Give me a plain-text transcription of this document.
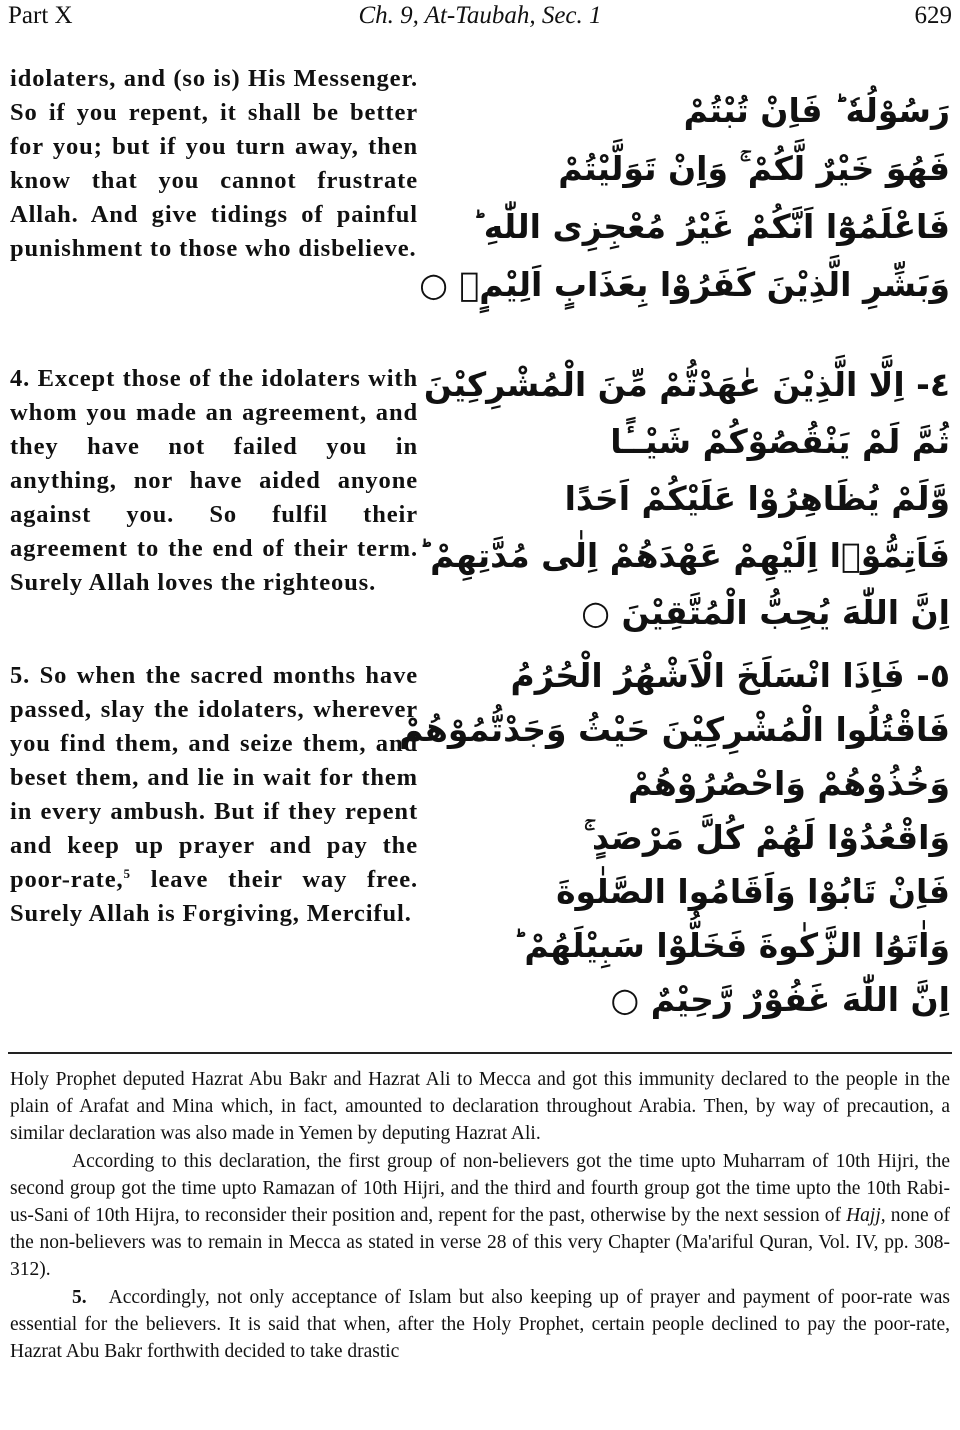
Part X	Ch. 9, At-Taubah, Sec. 1	629
idolaters, and (so is) His Messenger. So if you repent, it shall be better for you; but if you turn away, then know that you cannot frustrate Allah. And give tidings of painful punishment to those who disbelieve.
رَسُوْلُهٗ ؕ فَاِنْ تُبْتُمْ
فَهُوَ خَيْرٌ لَّكُمْ ۚ وَاِنْ تَوَلَّيْتُمْ
فَاعْلَمُوْٓا اَنَّكُمْ غَيْرُ مُعْجِزِى اللّٰهِ ؕ
وَبَشِّرِ الَّذِيْنَ كَفَرُوْا بِعَذَابٍ اَلِيْمٍۙ ○
4. Except those of the idolaters with whom you made an agreement, and they have not failed you in anything, nor have aided anyone against you. So fulfil their agreement to the end of their term. Surely Allah loves the righteous.
٤- اِلَّا الَّذِيْنَ عٰهَدْتُّمْ مِّنَ الْمُشْرِكِيْنَ
ثُمَّ لَمْ يَنْقُصُوْكُمْ شَيْــًٔا
وَّلَمْ يُظَاهِرُوْا عَلَيْكُمْ اَحَدًا
فَاَتِمُّوْۤا اِلَيْهِمْ عَهْدَهُمْ اِلٰى مُدَّتِهِمْ ؕ
اِنَّ اللّٰهَ يُحِبُّ الْمُتَّقِيْنَ ○
5. So when the sacred months have passed, slay the idolaters, wherever you find them, and seize them, and beset them, and lie in wait for them in every ambush. But if they repent and keep up prayer and pay the poor-rate,$^5$ leave their way free. Surely Allah is Forgiving, Merciful.
٥- فَاِذَا انْسَلَخَ الْاَشْهُرُ الْحُرُمُ
فَاقْتُلُوا الْمُشْرِكِيْنَ حَيْثُ وَجَدْتُّمُوْهُمْ
وَخُذُوْهُمْ وَاحْصُرُوْهُمْ
وَاقْعُدُوْا لَهُمْ كُلَّ مَرْصَدٍ ۚ
فَاِنْ تَابُوْا وَاَقَامُوا الصَّلٰوةَ
وَاٰتَوُا الزَّكٰوةَ فَخَلُّوْا سَبِيْلَهُمْ ؕ
اِنَّ اللّٰهَ غَفُوْرٌ رَّحِيْمٌ ○

Holy Prophet deputed Hazrat Abu Bakr and Hazrat Ali to Mecca and got this immunity declared to the people in the plain of Arafat and Mina which, in fact, amounted to declaration throughout Arabia. Then, by way of precaution, a similar declaration was also made in Yemen by deputing Hazrat Ali.

According to this declaration, the first group of non-believers got the time upto Muharram of 10th Hijri, the second group got the time upto Ramazan of 10th Hijri, and the third and fourth group got the time upto the 10th Rabi-us-Sani of 10th Hijra, to reconsider their position and, repent for the past, otherwise by the next session of Hajj, none of the non-believers was to remain in Mecca as stated in verse 28 of this very Chapter (Ma'ariful Quran, Vol. IV, pp. 308-312).

5. Accordingly, not only acceptance of Islam but also keeping up of prayer and payment of poor-rate was essential for the believers. It is said that when, after the Holy Prophet, certain people declined to pay the poor-rate, Hazrat Abu Bakr forthwith decided to take drastic
